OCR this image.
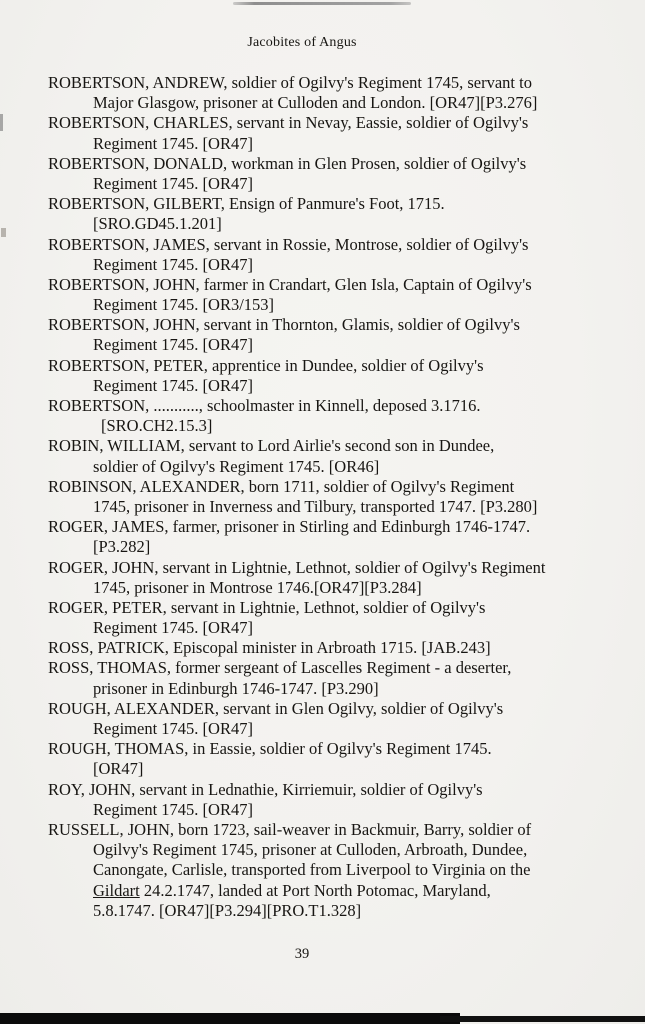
Jacobites of Angus
ROBERTSON, ANDREW, soldier of Ogilvy's Regiment 1745, servant to
Major Glasgow, prisoner at Culloden and London. [OR47][P3.276]
ROBERTSON, CHARLES, servant in Nevay, Eassie, soldier of Ogilvy's
Regiment 1745. [OR47]
ROBERTSON, DONALD, workman in Glen Prosen, soldier of Ogilvy's
Regiment 1745. [OR47]
ROBERTSON, GILBERT, Ensign of Panmure's Foot, 1715.
[SRO.GD45.1.201]
ROBERTSON, JAMES, servant in Rossie, Montrose, soldier of Ogilvy's
Regiment 1745. [OR47]
ROBERTSON, JOHN, farmer in Crandart, Glen Isla, Captain of Ogilvy's
Regiment 1745. [OR3/153]
ROBERTSON, JOHN, servant in Thornton, Glamis, soldier of Ogilvy's
Regiment 1745. [OR47]
ROBERTSON, PETER, apprentice in Dundee, soldier of Ogilvy's
Regiment 1745. [OR47]
ROBERTSON, ..........., schoolmaster in Kinnell, deposed 3.1716.
[SRO.CH2.15.3]
ROBIN, WILLIAM, servant to Lord Airlie's second son in Dundee,
soldier of Ogilvy's Regiment 1745. [OR46]
ROBINSON, ALEXANDER, born 1711, soldier of Ogilvy's Regiment
1745, prisoner in Inverness and Tilbury, transported 1747. [P3.280]
ROGER, JAMES, farmer, prisoner in Stirling and Edinburgh 1746-1747.
[P3.282]
ROGER, JOHN, servant in Lightnie, Lethnot, soldier of Ogilvy's Regiment
1745, prisoner in Montrose 1746.[OR47][P3.284]
ROGER, PETER, servant in Lightnie, Lethnot, soldier of Ogilvy's
Regiment 1745. [OR47]
ROSS, PATRICK, Episcopal minister in Arbroath 1715. [JAB.243]
ROSS, THOMAS, former sergeant of Lascelles Regiment - a deserter,
prisoner in Edinburgh 1746-1747. [P3.290]
ROUGH, ALEXANDER, servant in Glen Ogilvy, soldier of Ogilvy's
Regiment 1745. [OR47]
ROUGH, THOMAS, in Eassie, soldier of Ogilvy's Regiment 1745.
[OR47]
ROY, JOHN, servant in Lednathie, Kirriemuir, soldier of Ogilvy's
Regiment 1745. [OR47]
RUSSELL, JOHN, born 1723, sail-weaver in Backmuir, Barry, soldier of
Ogilvy's Regiment 1745, prisoner at Culloden, Arbroath, Dundee,
Canongate, Carlisle, transported from Liverpool to Virginia on the
Gildart 24.2.1747, landed at Port North Potomac, Maryland,
5.8.1747. [OR47][P3.294][PRO.T1.328]
39
